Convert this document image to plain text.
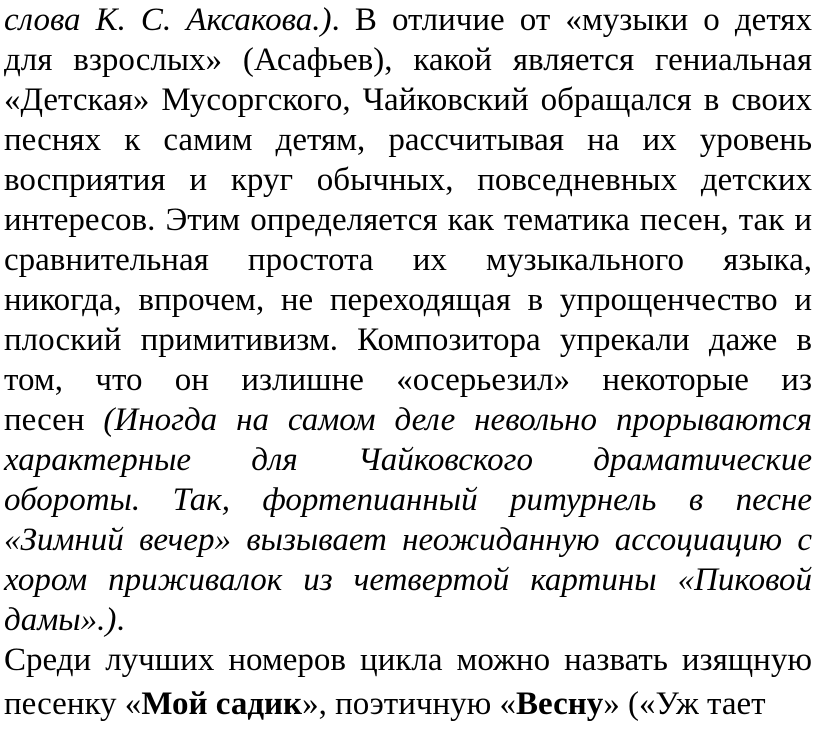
слова К. С. Аксакова.). В отличие от «музыки о детях
для взрослых» (Асафьев), какой является гениальная
«Детская» Мусоргского, Чайковский обращался в своих
песнях к самим детям, рассчитывая на их уровень
восприятия и круг обычных, повседневных детских
интересов. Этим определяется как тематика песен, так и
сравнительная простота их музыкального языка,
никогда, впрочем, не переходящая в упрощенчество и
плоский примитивизм. Композитора упрекали даже в
том, что он излишне «осерьезил» некоторые из
песен (Иногда на самом деле невольно прорываются
характерные для Чайковского драматические
обороты. Так, фортепианный ритурнель в песне
«Зимний вечер» вызывает неожиданную ассоциацию с
хором приживалок из четвертой картины «Пиковой
дамы».).
Среди лучших номеров цикла можно назвать изящную
песенку «Мой садик», поэтичную «Весну» («Уж тает
